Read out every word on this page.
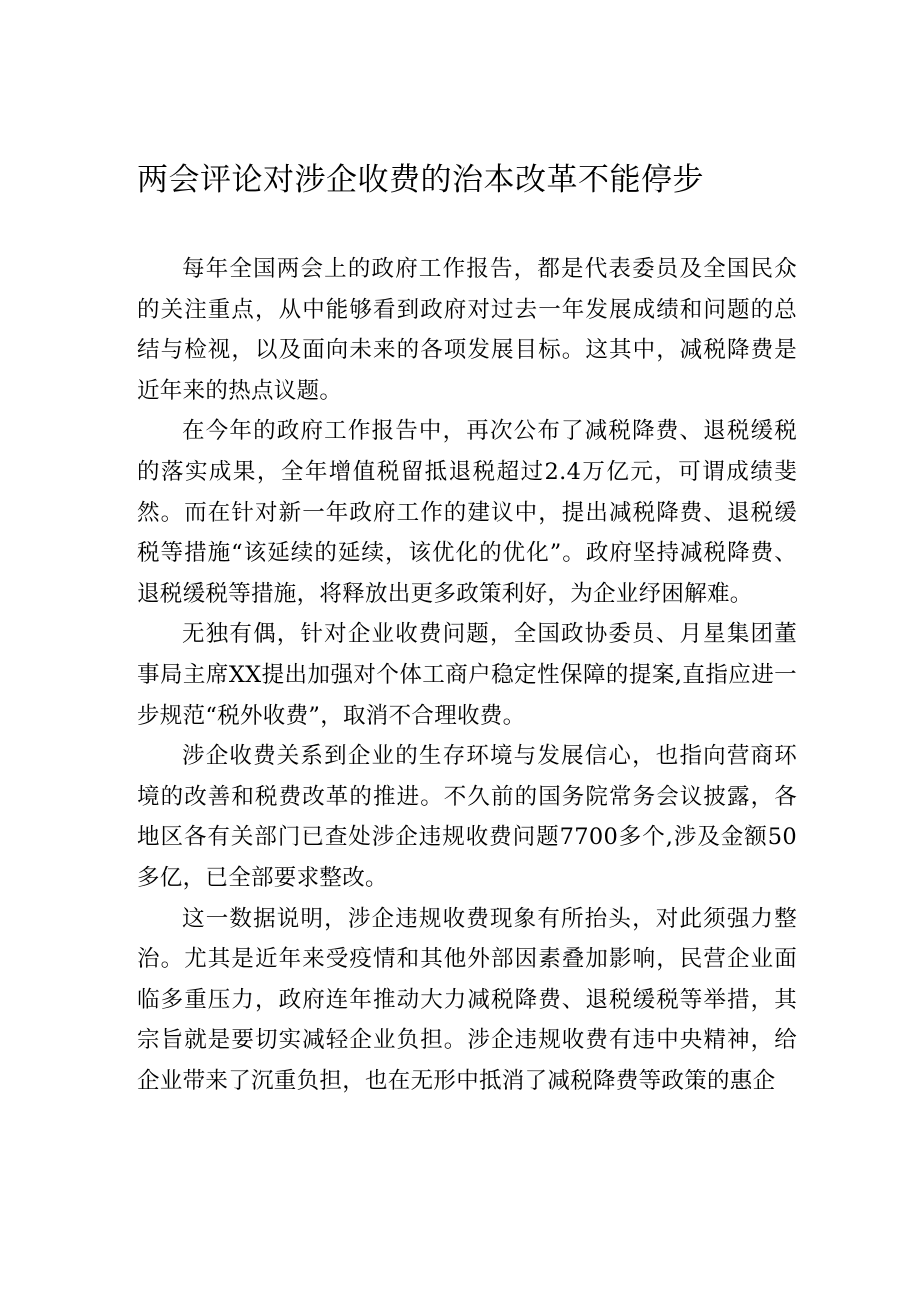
两会评论对涉企收费的治本改革不能停步

每年全国两会上的政府工作报告，都是代表委员及全国民众的关注重点，从中能够看到政府对过去一年发展成绩和问题的总结与检视，以及面向未来的各项发展目标。这其中，减税降费是近年来的热点议题。

在今年的政府工作报告中，再次公布了减税降费、退税缓税的落实成果，全年增值税留抵退税超过2.4万亿元，可谓成绩斐然。而在针对新一年政府工作的建议中，提出减税降费、退税缓税等措施“该延续的延续，该优化的优化”。政府坚持减税降费、退税缓税等措施，将释放出更多政策利好，为企业纾困解难。

无独有偶，针对企业收费问题，全国政协委员、月星集团董事局主席XX提出加强对个体工商户稳定性保障的提案,直指应进一步规范“税外收费”，取消不合理收费。

涉企收费关系到企业的生存环境与发展信心，也指向营商环境的改善和税费改革的推进。不久前的国务院常务会议披露，各地区各有关部门已查处涉企违规收费问题7700多个,涉及金额50多亿，已全部要求整改。

这一数据说明，涉企违规收费现象有所抬头，对此须强力整治。尤其是近年来受疫情和其他外部因素叠加影响，民营企业面临多重压力，政府连年推动大力减税降费、退税缓税等举措，其宗旨就是要切实减轻企业负担。涉企违规收费有违中央精神，给企业带来了沉重负担，也在无形中抵消了减税降费等政策的惠企
